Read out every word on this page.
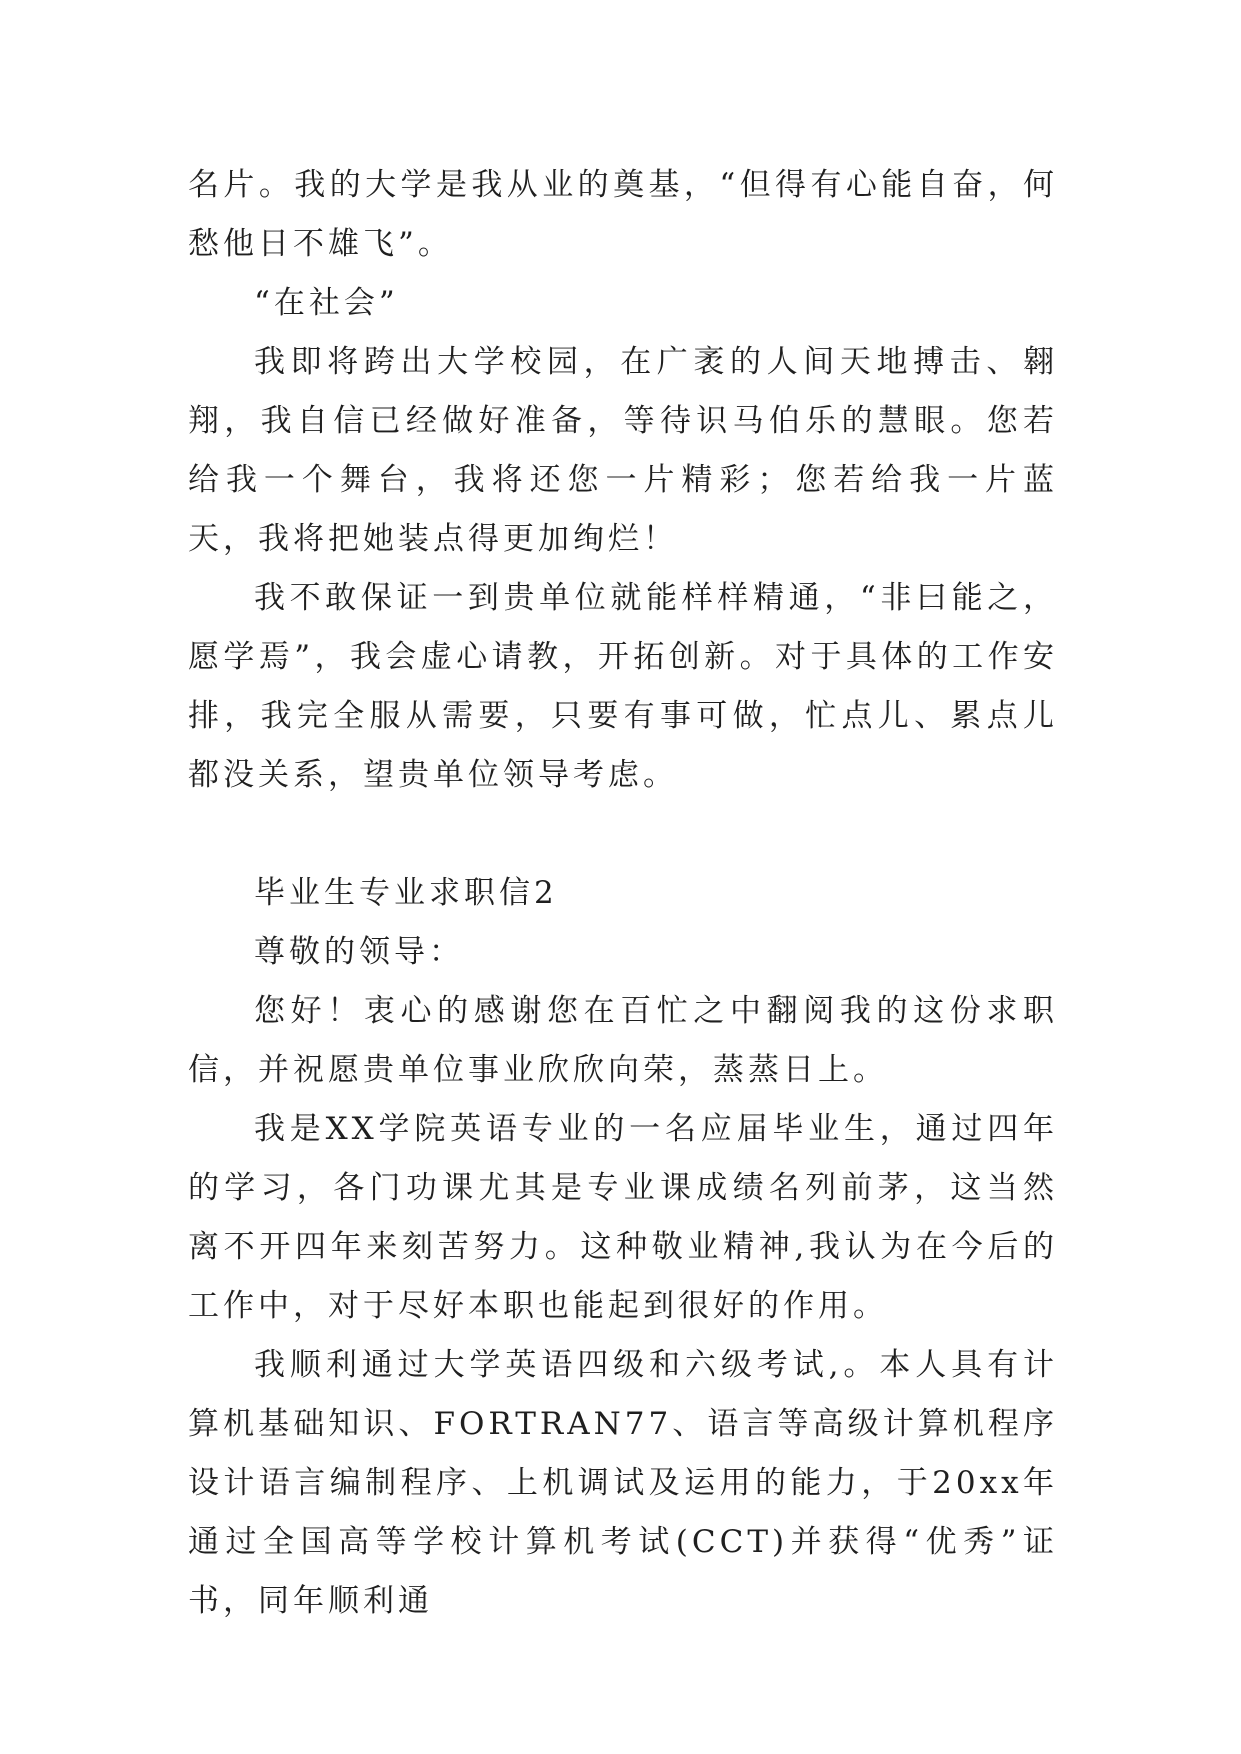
名片。我的大学是我从业的奠基，“但得有心能自奋，何愁他日不雄飞”。

“在社会”

我即将跨出大学校园，在广袤的人间天地搏击、翱翔，我自信已经做好准备，等待识马伯乐的慧眼。您若给我一个舞台，我将还您一片精彩；您若给我一片蓝天，我将把她装点得更加绚烂！

我不敢保证一到贵单位就能样样精通，“非曰能之，愿学焉”，我会虚心请教，开拓创新。对于具体的工作安排，我完全服从需要，只要有事可做，忙点儿、累点儿都没关系，望贵单位领导考虑。

毕业生专业求职信2

尊敬的领导：

您好！衷心的感谢您在百忙之中翻阅我的这份求职信，并祝愿贵单位事业欣欣向荣，蒸蒸日上。

我是XX学院英语专业的一名应届毕业生，通过四年的学习，各门功课尤其是专业课成绩名列前茅，这当然离不开四年来刻苦努力。这种敬业精神,我认为在今后的工作中，对于尽好本职也能起到很好的作用。

我顺利通过大学英语四级和六级考试,。本人具有计算机基础知识、FORTRAN77、语言等高级计算机程序设计语言编制程序、上机调试及运用的能力，于20xx年通过全国高等学校计算机考试(CCT)并获得“优秀”证书，同年顺利通
